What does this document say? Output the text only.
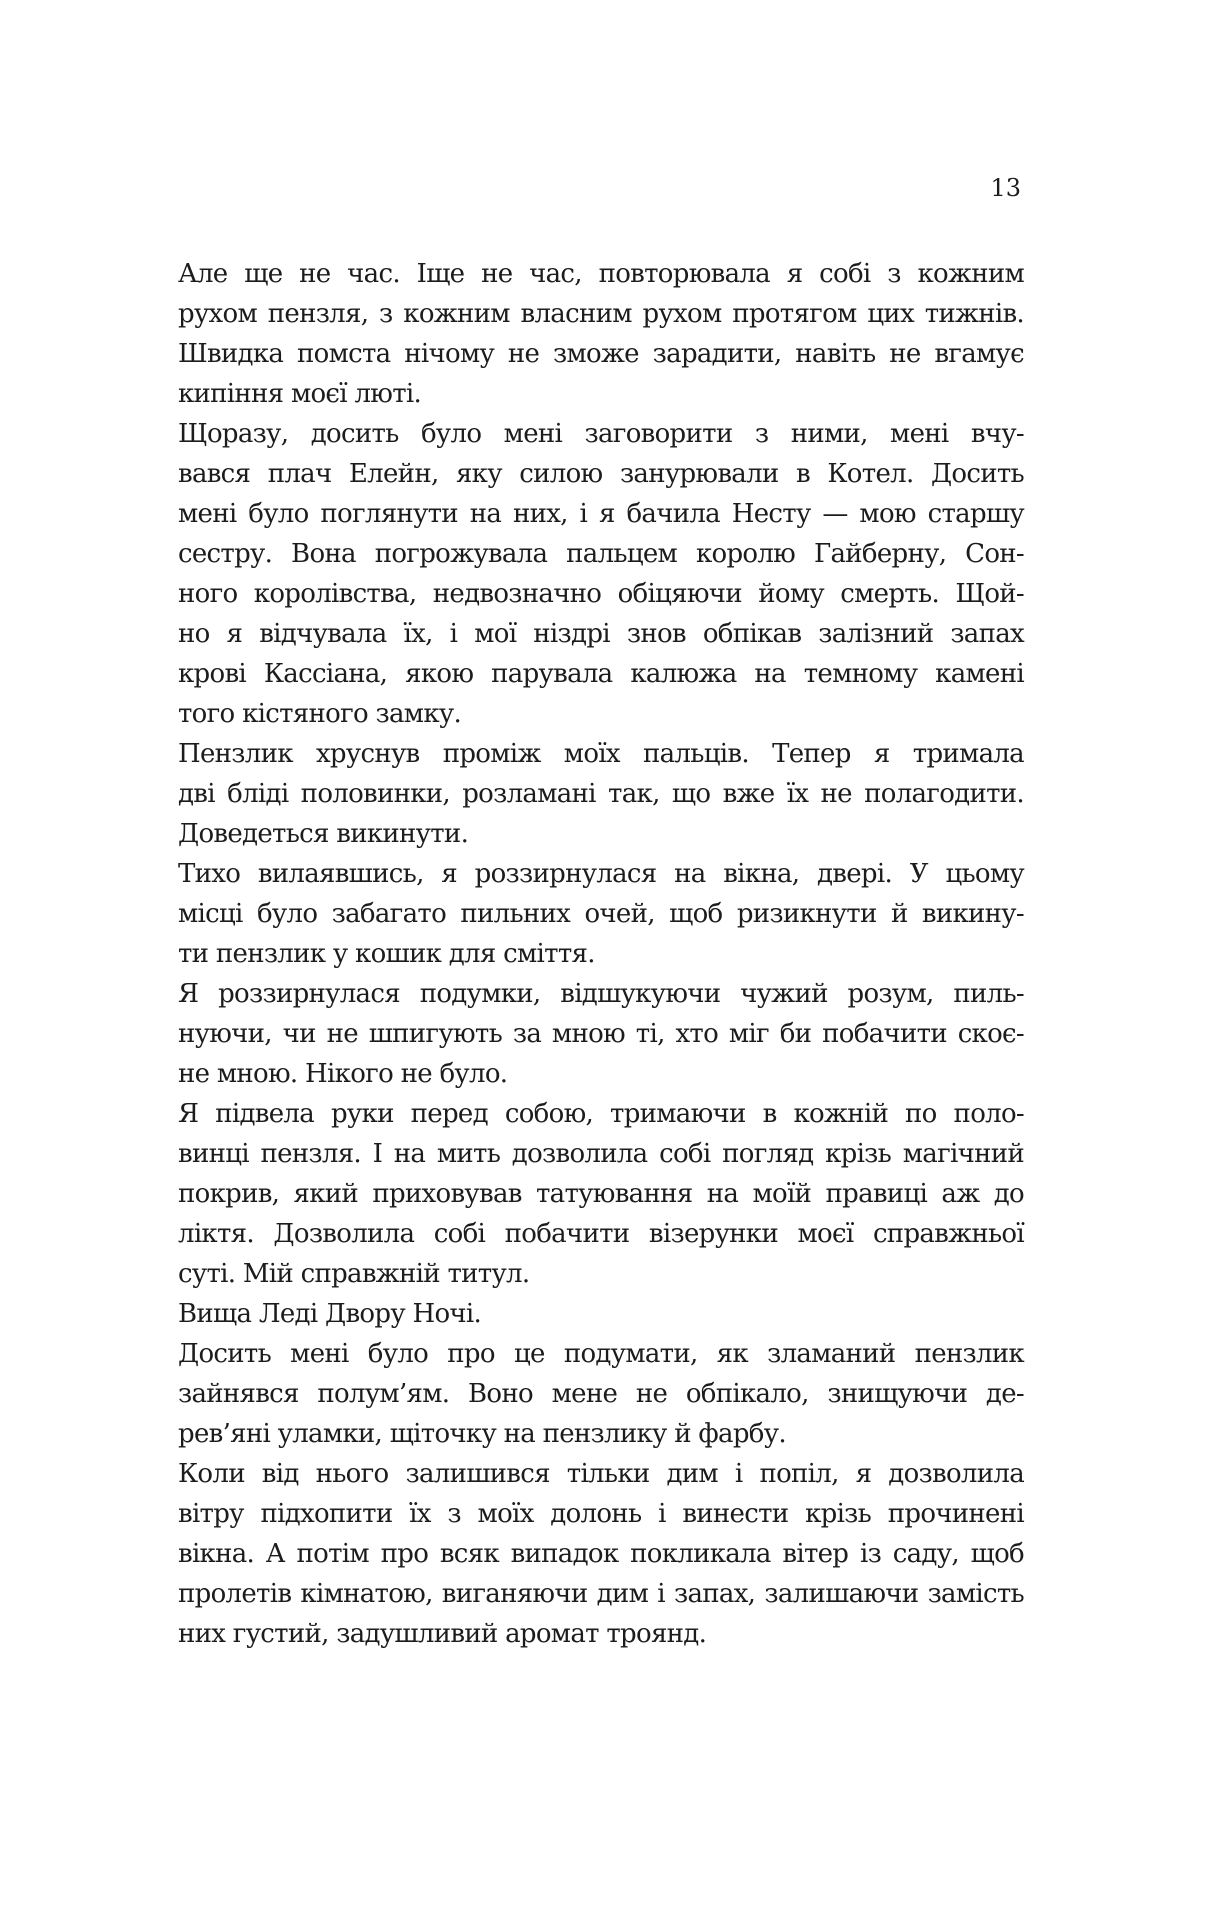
13

Але ще не час. Іще не час, повторювала я собі з кожним
рухом пензля, з кожним власним рухом протягом цих тижнів.
Швидка помста нічому не зможе зарадити, навіть не вгамує
кипіння моєї люті.

Щоразу, досить було мені заговорити з ними, мені вчу-
вався плач Елейн, яку силою занурювали в Котел. Досить
мені було поглянути на них, і я бачила Несту — мою старшу
сестру. Вона погрожувала пальцем королю Гайберну, Сон-
ного королівства, недвозначно обіцяючи йому смерть. Щой-
но я відчувала їх, і мої ніздрі знов обпікав залізний запах
крові Кассіана, якою парувала калюжа на темному камені
того кістяного замку.

Пензлик хруснув проміж моїх пальців. Тепер я тримала
дві бліді половинки, розламані так, що вже їх не полагодити.
Доведеться викинути.

Тихо вилаявшись, я роззирнулася на вікна, двері. У цьому
місці було забагато пильних очей, щоб ризикнути й викину-
ти пензлик у кошик для сміття.

Я роззирнулася подумки, відшукуючи чужий розум, пиль-
нуючи, чи не шпигують за мною ті, хто міг би побачити скоє-
не мною. Нікого не було.

Я підвела руки перед собою, тримаючи в кожній по поло-
винці пензля. І на мить дозволила собі погляд крізь магічний
покрив, який приховував татуювання на моїй правиці аж до
ліктя. Дозволила собі побачити візерунки моєї справжньої
суті. Мій справжній титул.

Вища Леді Двору Ночі.

Досить мені було про це подумати, як зламаний пензлик
зайнявся полум’ям. Воно мене не обпікало, знищуючи де-
рев’яні уламки, щіточку на пензлику й фарбу.

Коли від нього залишився тільки дим і попіл, я дозволила
вітру підхопити їх з моїх долонь і винести крізь прочинені
вікна. А потім про всяк випадок покликала вітер із саду, щоб
пролетів кімнатою, виганяючи дим і запах, залишаючи замість
них густий, задушливий аромат троянд.
